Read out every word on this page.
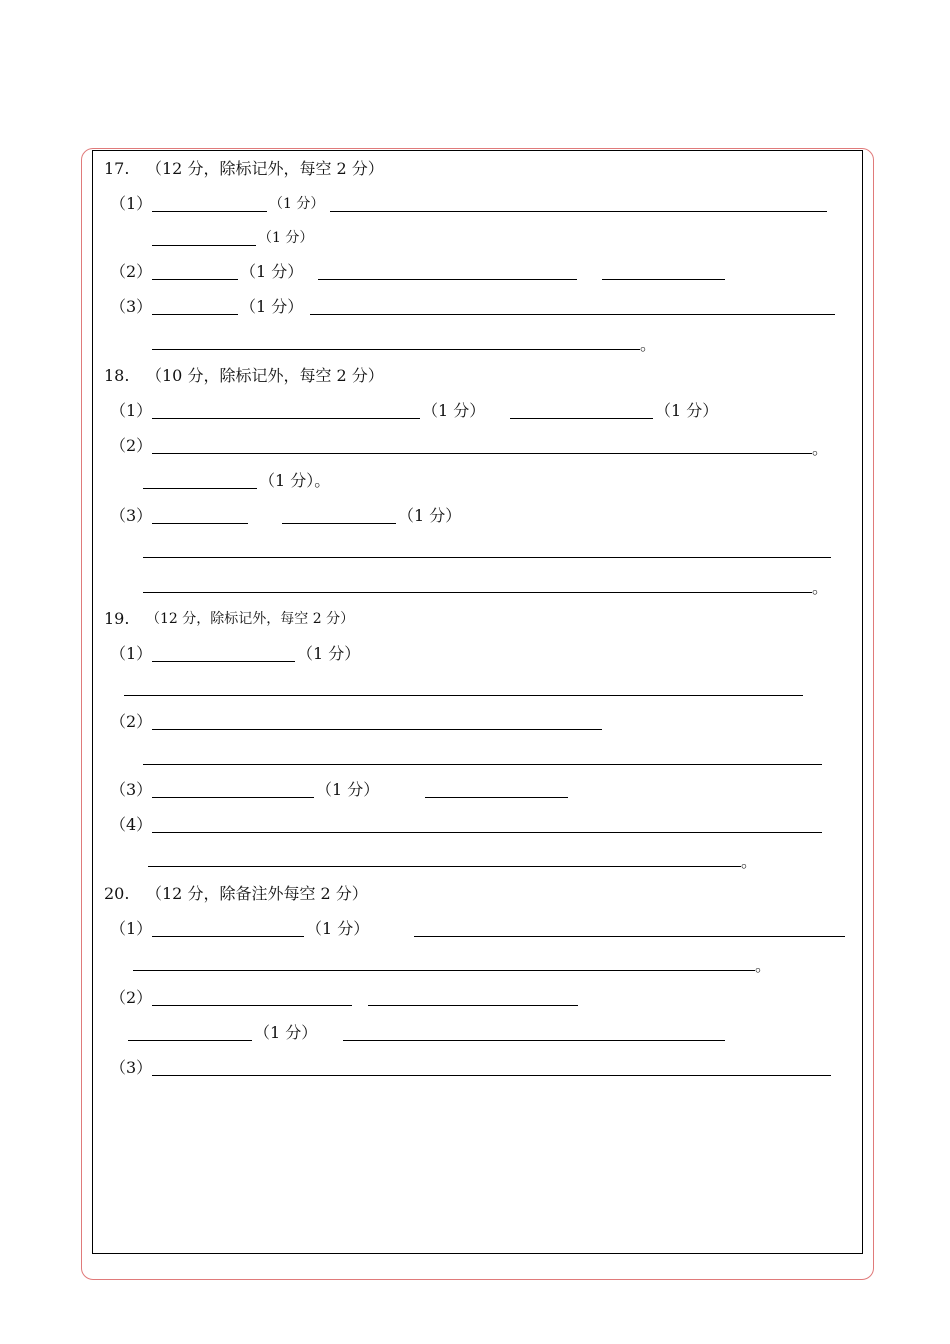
17. （12 分，除标记外，每空 2 分）
（1）	（1 分）
（1 分）
（2）	（1 分）
（3）	（1 分）
。
18. （10 分，除标记外，每空 2 分）
（1）	（1 分）	（1 分）
（2）	。
（1 分）。
（3）	（1 分）
。
19. （12 分，除标记外，每空 2 分）
（1）	（1 分）
（2）
（3）	（1 分）
（4）
。
20. （12 分，除备注外每空 2 分）
（1）	（1 分）
。
（2）
（1 分）
（3）
